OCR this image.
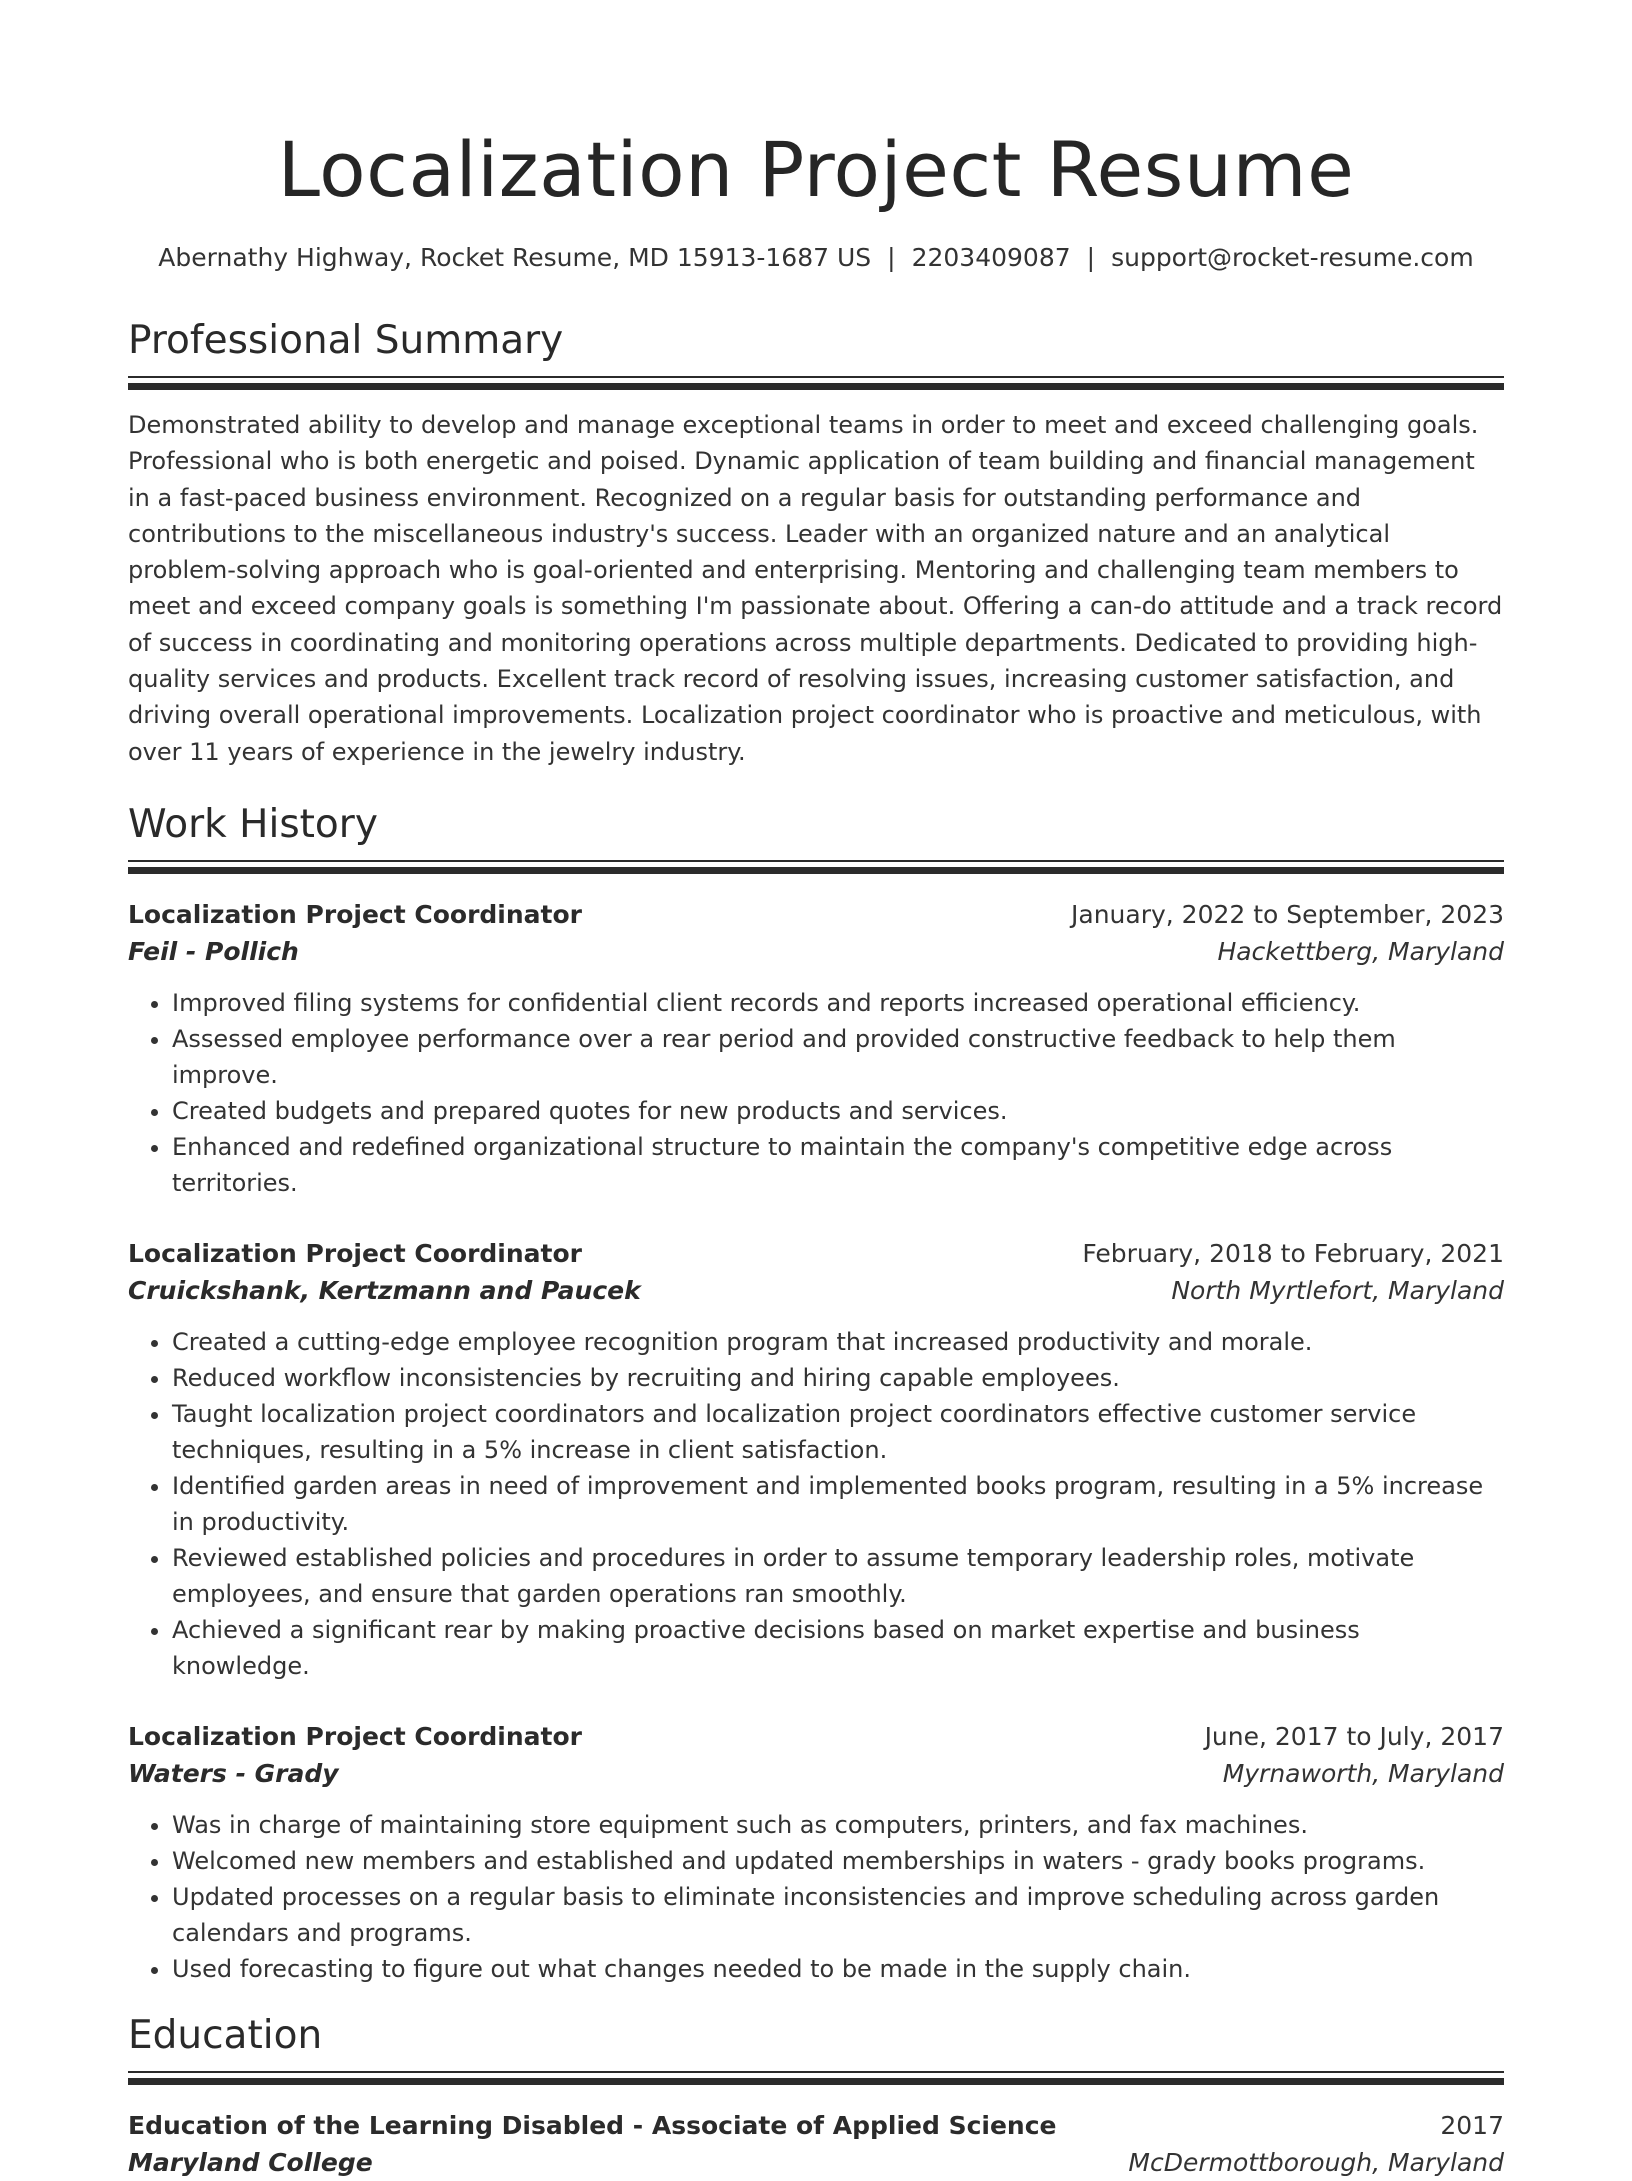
Localization Project Resume
Abernathy Highway, Rocket Resume, MD 15913-1687 US | 2203409087 | support@rocket-resume.com
Professional Summary

Demonstrated ability to develop and manage exceptional teams in order to meet and exceed challenging goals. Professional who is both energetic and poised. Dynamic application of team building and financial management in a fast-paced business environment. Recognized on a regular basis for outstanding performance and contributions to the miscellaneous industry's success. Leader with an organized nature and an analytical problem-solving approach who is goal-oriented and enterprising. Mentoring and challenging team members to meet and exceed company goals is something I'm passionate about. Offering a can-do attitude and a track record of success in coordinating and monitoring operations across multiple departments. Dedicated to providing high-quality services and products. Excellent track record of resolving issues, increasing customer satisfaction, and driving overall operational improvements. Localization project coordinator who is proactive and meticulous, with over 11 years of experience in the jewelry industry.

Work History
Localization Project Coordinator	January, 2022 to September, 2023
Feil - Pollich	Hackettberg, Maryland
• Improved filing systems for confidential client records and reports increased operational efficiency.
• Assessed employee performance over a rear period and provided constructive feedback to help them improve.
• Created budgets and prepared quotes for new products and services.
• Enhanced and redefined organizational structure to maintain the company's competitive edge across territories.
Localization Project Coordinator	February, 2018 to February, 2021
Cruickshank, Kertzmann and Paucek	North Myrtlefort, Maryland
• Created a cutting-edge employee recognition program that increased productivity and morale.
• Reduced workflow inconsistencies by recruiting and hiring capable employees.
• Taught localization project coordinators and localization project coordinators effective customer service techniques, resulting in a 5% increase in client satisfaction.
• Identified garden areas in need of improvement and implemented books program, resulting in a 5% increase in productivity.
• Reviewed established policies and procedures in order to assume temporary leadership roles, motivate employees, and ensure that garden operations ran smoothly.
• Achieved a significant rear by making proactive decisions based on market expertise and business knowledge.
Localization Project Coordinator	June, 2017 to July, 2017
Waters - Grady	Myrnaworth, Maryland
• Was in charge of maintaining store equipment such as computers, printers, and fax machines.
• Welcomed new members and established and updated memberships in waters - grady books programs.
• Updated processes on a regular basis to eliminate inconsistencies and improve scheduling across garden calendars and programs.
• Used forecasting to figure out what changes needed to be made in the supply chain.
Education
Education of the Learning Disabled - Associate of Applied Science	2017
Maryland College	McDermottborough, Maryland
